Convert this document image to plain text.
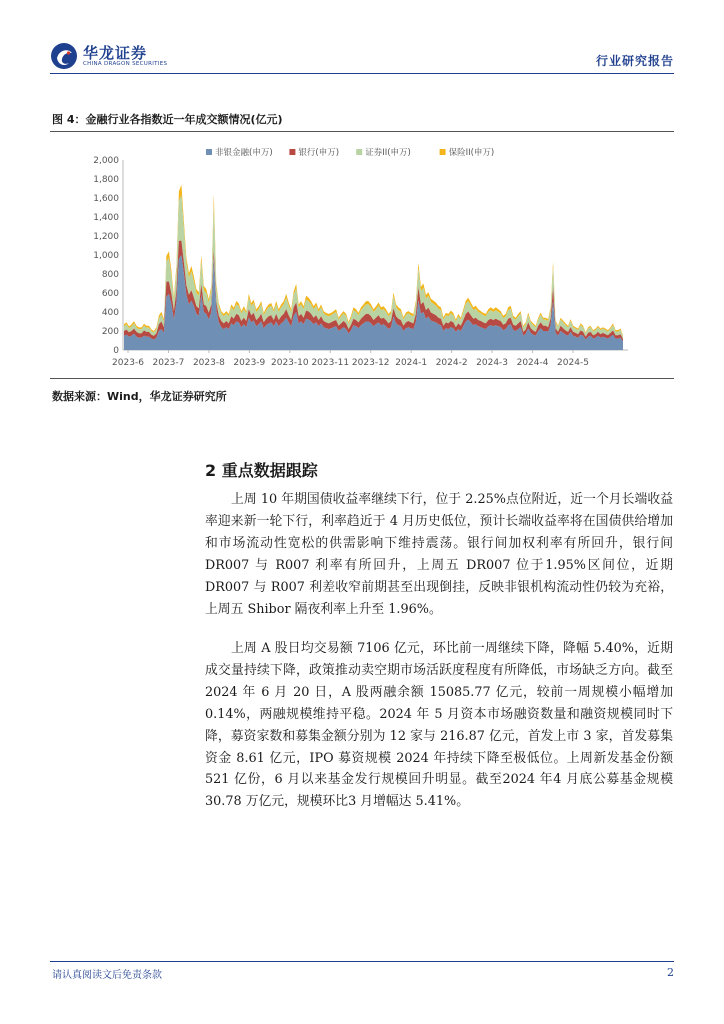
华龙证券
CHINA DRAGON SECURITIES	行业研究报告
图 4：金融行业各指数近一年成交额情况(亿元)
0
200
400
600
800
1,000
1,200
1,400
1,600
1,800
2,000
2023-6 2023-7 2023-8 2023-9 2023-10 2023-11 2023-12 2024-1 2024-2 2024-3 2024-4 2024-5
非银金融(申万)	银行(申万)	证券II(申万)	保险II(申万)
数据来源：Wind，华龙证券研究所
2 重点数据跟踪

上周 10 年期国债收益率继续下行，位于 2.25%点位附近，近一个月长端收益率迎来新一轮下行，利率趋近于 4 月历史低位，预计长端收益率将在国债供给增加和市场流动性宽松的供需影响下维持震荡。银行间加权利率有所回升，银行间 DR007 与 R007 利率有所回升，上周五 DR007 位于1.95%区间位，近期 DR007 与 R007 利差收窄前期甚至出现倒挂，反映非银机构流动性仍较为充裕，上周五 Shibor 隔夜利率上升至 1.96%。

上周 A 股日均交易额 7106 亿元，环比前一周继续下降，降幅 5.40%，近期成交量持续下降，政策推动卖空期市场活跃度程度有所降低，市场缺乏方向。截至 2024 年 6 月 20 日，A 股两融余额 15085.77 亿元，较前一周规模小幅增加 0.14%，两融规模维持平稳。2024 年 5 月资本市场融资数量和融资规模同时下降，募资家数和募集金额分别为 12 家与 216.87 亿元，首发上市 3 家，首发募集资金 8.61 亿元，IPO 募资规模 2024 年持续下降至极低位。上周新发基金份额 521 亿份，6 月以来基金发行规模回升明显。截至2024 年4 月底公募基金规模30.78 万亿元，规模环比3 月增幅达 5.41%。

请认真阅读文后免责条款	2
